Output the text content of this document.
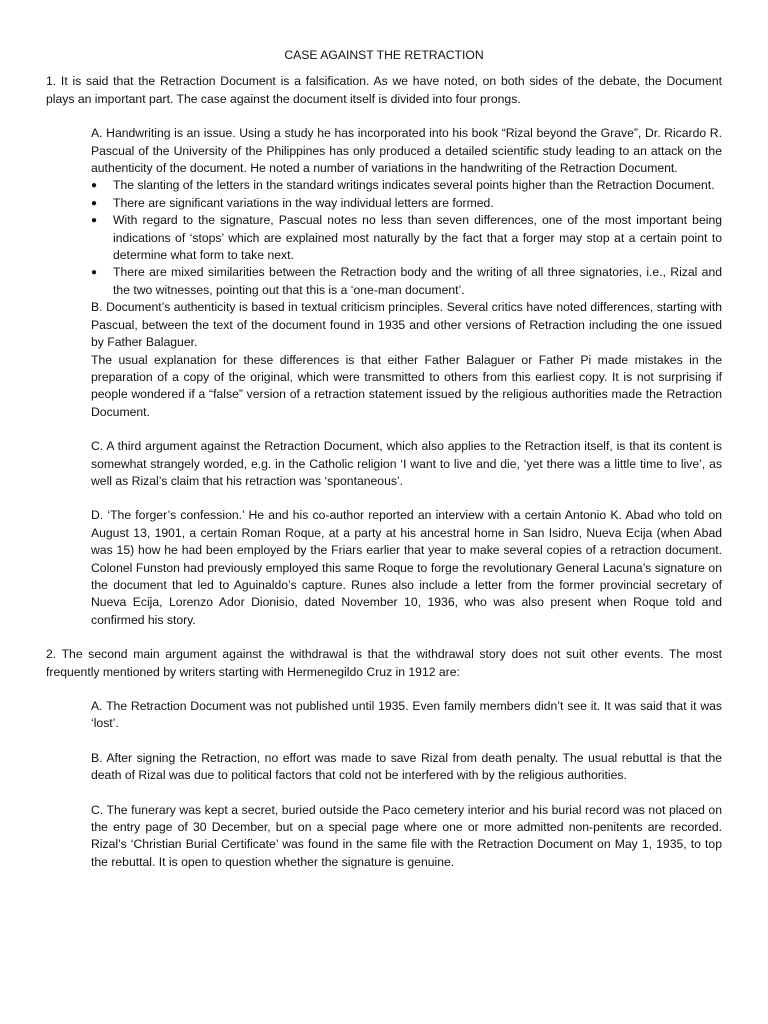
CASE AGAINST THE RETRACTION

1. It is said that the Retraction Document is a falsification. As we have noted, on both sides of the debate, the Document plays an important part. The case against the document itself is divided into four prongs.

A. Handwriting is an issue. Using a study he has incorporated into his book “Rizal beyond the Grave”, Dr. Ricardo R. Pascual of the University of the Philippines has only produced a detailed scientific study leading to an attack on the authenticity of the document. He noted a number of variations in the handwriting of the Retraction Document.

● The slanting of the letters in the standard writings indicates several points higher than the Retraction Document.
● There are significant variations in the way individual letters are formed.
● With regard to the signature, Pascual notes no less than seven differences, one of the most important being indications of ‘stops’ which are explained most naturally by the fact that a forger may stop at a certain point to determine what form to take next.
● There are mixed similarities between the Retraction body and the writing of all three signatories, i.e., Rizal and the two witnesses, pointing out that this is a ‘one-man document’.

B. Document’s authenticity is based in textual criticism principles. Several critics have noted differences, starting with Pascual, between the text of the document found in 1935 and other versions of Retraction including the one issued by Father Balaguer.

The usual explanation for these differences is that either Father Balaguer or Father Pi made mistakes in the preparation of a copy of the original, which were transmitted to others from this earliest copy. It is not surprising if people wondered if a “false” version of a retraction statement issued by the religious authorities made the Retraction Document.

C. A third argument against the Retraction Document, which also applies to the Retraction itself, is that its content is somewhat strangely worded, e.g. in the Catholic religion ‘I want to live and die, ‘yet there was a little time to live’, as well as Rizal’s claim that his retraction was ‘spontaneous’.

D. ‘The forger’s confession.’ He and his co-author reported an interview with a certain Antonio K. Abad who told on August 13, 1901, a certain Roman Roque, at a party at his ancestral home in San Isidro, Nueva Ecija (when Abad was 15) how he had been employed by the Friars earlier that year to make several copies of a retraction document. Colonel Funston had previously employed this same Roque to forge the revolutionary General Lacuna’s signature on the document that led to Aguinaldo’s capture. Runes also include a letter from the former provincial secretary of Nueva Ecija, Lorenzo Ador Dionisio, dated November 10, 1936, who was also present when Roque told and confirmed his story.

2. The second main argument against the withdrawal is that the withdrawal story does not suit other events. The most frequently mentioned by writers starting with Hermenegildo Cruz in 1912 are:

A. The Retraction Document was not published until 1935. Even family members didn’t see it. It was said that it was ‘lost’.

B. After signing the Retraction, no effort was made to save Rizal from death penalty. The usual rebuttal is that the death of Rizal was due to political factors that cold not be interfered with by the religious authorities.

C. The funerary was kept a secret, buried outside the Paco cemetery interior and his burial record was not placed on the entry page of 30 December, but on a special page where one or more admitted non-penitents are recorded. Rizal’s ‘Christian Burial Certificate’ was found in the same file with the Retraction Document on May 1, 1935, to top the rebuttal. It is open to question whether the signature is genuine.
